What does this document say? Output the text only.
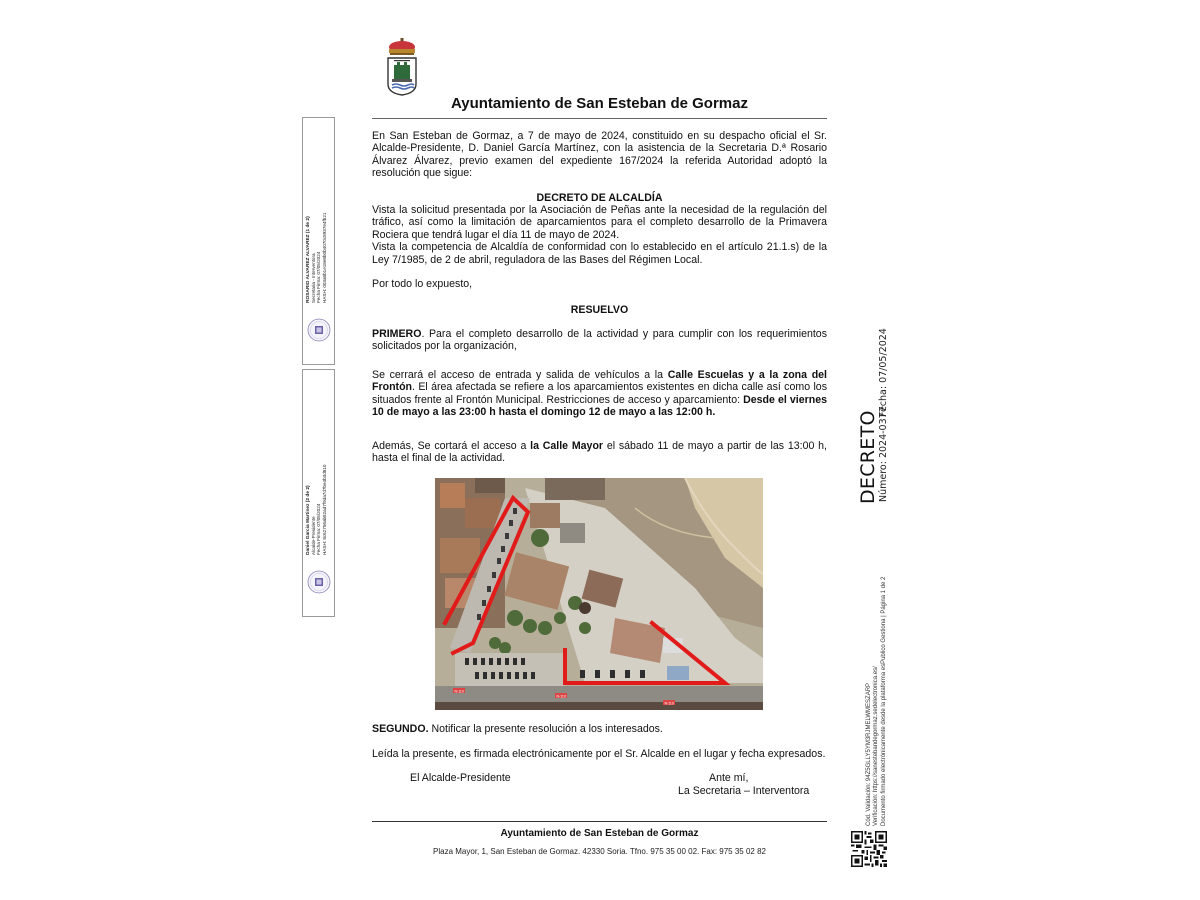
Ayuntamiento de San Esteban de Gormaz

En San Esteban de Gormaz, a 7 de mayo de 2024, constituido en su despacho oficial el Sr. Alcalde-Presidente, D. Daniel García Martínez, con la asistencia de la Secretaria D.ª Rosario Álvarez Álvarez, previo examen del expediente 167/2024 la referida Autoridad adoptó la resolución que sigue:

DECRETO DE ALCALDÍA

Vista la solicitud presentada por la Asociación de Peñas ante la necesidad de la regulación del tráfico, así como la limitación de aparcamientos para el completo desarrollo de la Primavera Rociera que tendrá lugar el día 11 de mayo de 2024.

Vista la competencia de Alcaldía de conformidad con lo establecido en el artículo 21.1.s) de la Ley 7/1985, de 2 de abril, reguladora de las Bases del Régimen Local.

Por todo lo expuesto,
RESUELVO
PRIMERO. Para el completo desarrollo de la actividad y para cumplir con los requerimientos solicitados por la organización,
Se cerrará el acceso de entrada y salida de vehículos a la Calle Escuelas y a la zona del Frontón. El área afectada se refiere a los aparcamientos existentes en dicha calle así como los situados frente al Frontón Municipal. Restricciones de acceso y aparcamiento: Desde el viernes 10 de mayo a las 23:00 h hasta el domingo 12 de mayo a las 12:00 h.
Además, Se cortará el acceso a la Calle Mayor el sábado 11 de mayo a partir de las 13:00 h, hasta el final de la actividad.
N-110
N-110
N-110
SEGUNDO. Notificar la presente resolución a los interesados.
Leída la presente, es firmada electrónicamente por el Sr. Alcalde en el lugar y fecha expresados.
El Alcalde-Presidente	Ante mí,
La Secretaria – Interventora
Ayuntamiento de San Esteban de Gormaz
Plaza Mayor, 1, San Esteban de Gormaz. 42330 Soria. Tfno. 975 35 00 02. Fax: 975 35 02 82
ROSARIO ALVAREZ ALVAREZ (1 de 2) Secretaria - Interventora Fecha Firma: 07/05/2024 HASH: 003a8b1e18e8b0b4070c8937e4fb21
Daniel Garcia Martinez (2 de 2) Alcalde-Presidente Fecha Firma: 07/05/2024 HASH: 8c62756ab82ad7f9da7d7be4b3d810
DECRETO Número: 2024-0377
Fecha: 07/05/2024
Cód. Validación: 94Z5GLLY5YM3RJMELWMESZARP Verificación: https://sanestebandegormaz.sedelectronica.es/ Documento firmado electrónicamente desde la plataforma esPublico Gestiona | Página 1 de 2
